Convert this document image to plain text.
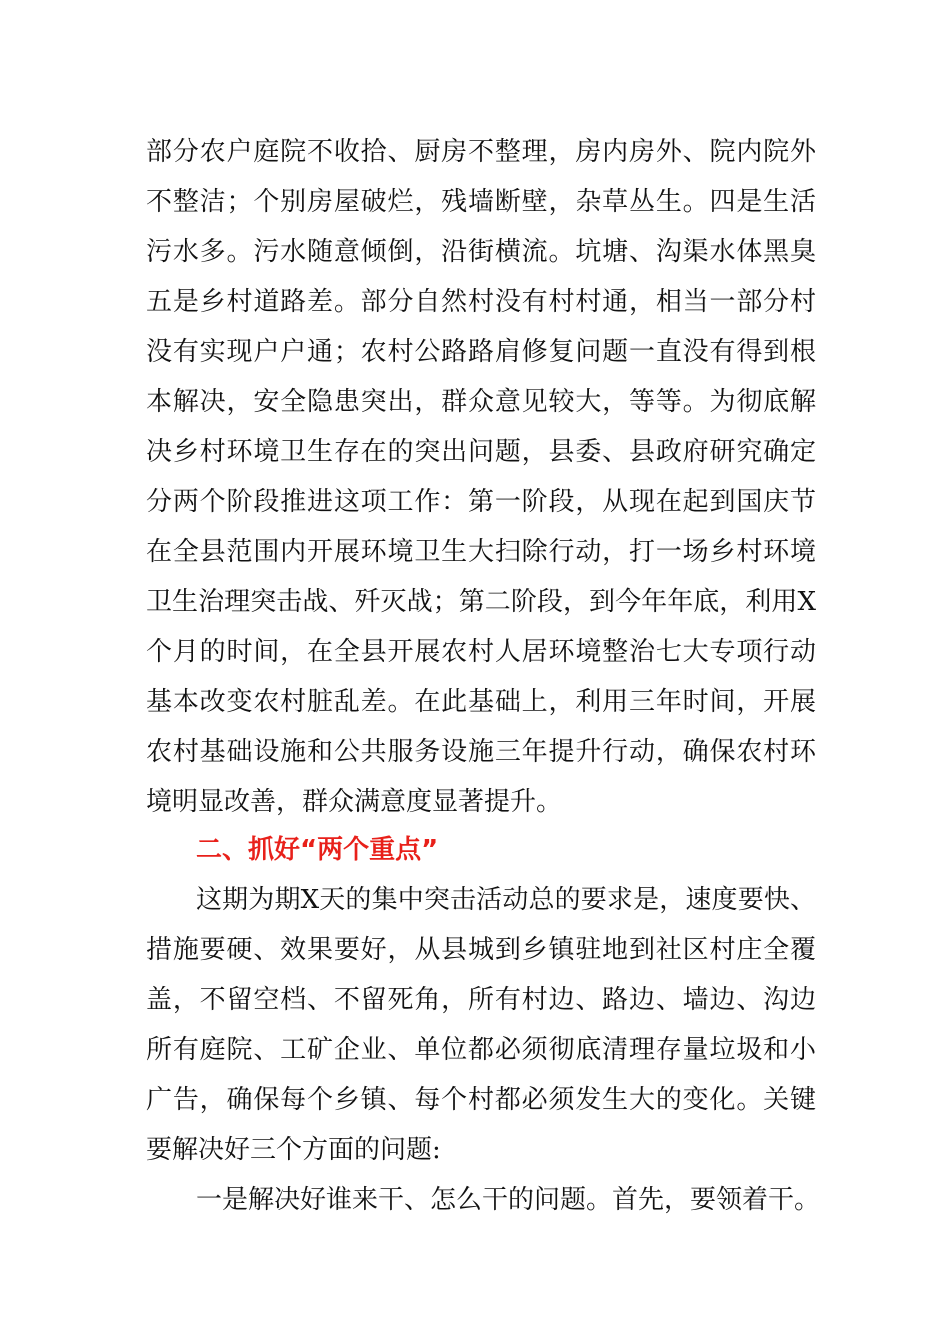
部分农户庭院不收拾、厨房不整理，房内房外、院内院外
不整洁；个别房屋破烂，残墙断壁，杂草丛生。四是生活
污水多。污水随意倾倒，沿街横流。坑塘、沟渠水体黑臭
五是乡村道路差。部分自然村没有村村通，相当一部分村
没有实现户户通；农村公路路肩修复问题一直没有得到根
本解决，安全隐患突出，群众意见较大，等等。为彻底解
决乡村环境卫生存在的突出问题，县委、县政府研究确定
分两个阶段推进这项工作：第一阶段，从现在起到国庆节
在全县范围内开展环境卫生大扫除行动，打一场乡村环境
卫生治理突击战、歼灭战；第二阶段，到今年年底，利用X
个月的时间，在全县开展农村人居环境整治七大专项行动
基本改变农村脏乱差。在此基础上，利用三年时间，开展
农村基础设施和公共服务设施三年提升行动，确保农村环
境明显改善，群众满意度显著提升。
二、抓好“两个重点”
这期为期X天的集中突击活动总的要求是，速度要快、
措施要硬、效果要好，从县城到乡镇驻地到社区村庄全覆
盖，不留空档、不留死角，所有村边、路边、墙边、沟边
所有庭院、工矿企业、单位都必须彻底清理存量垃圾和小
广告，确保每个乡镇、每个村都必须发生大的变化。关键
要解决好三个方面的问题:
一是解决好谁来干、怎么干的问题。首先，要领着干。
